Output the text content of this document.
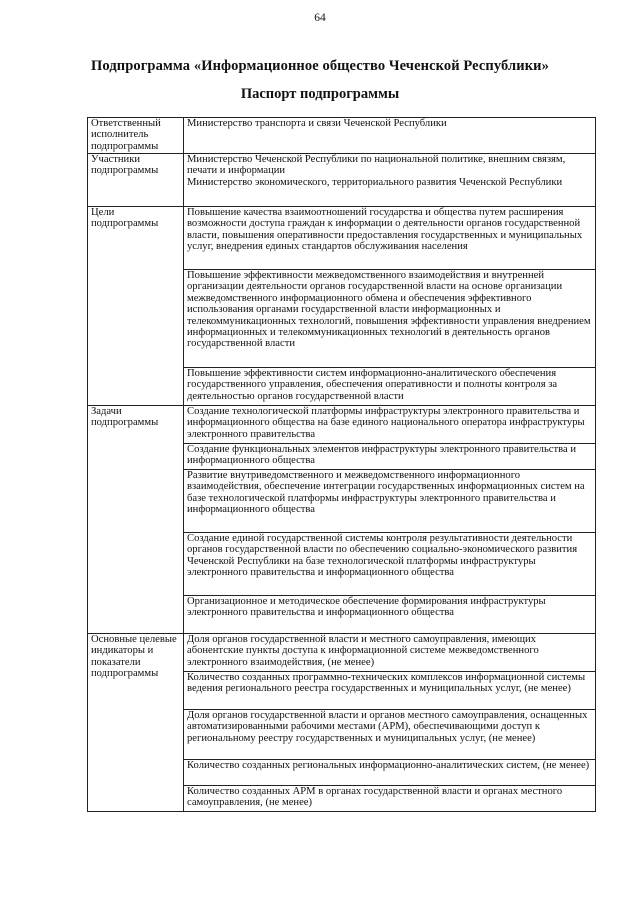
64
Подпрограмма «Информационное общество Чеченской Республики»
Паспорт подпрограммы
Ответственный исполнитель подпрограммы	Министерство транспорта и связи Чеченской Республики

Участники подпрограммы	Министерство Чеченской Республики по национальной политике, внешним связям, печати и информации
Министерство экономического, территориального развития Чеченской Республики

Цели подпрограммы	Повышение качества взаимоотношений государства и общества путем расширения возможности доступа граждан к информации о деятельности органов государственной власти, повышения оперативности предоставления государственных и муниципальных услуг, внедрения единых стандартов обслуживания населения
	Повышение эффективности межведомственного взаимодействия и внутренней организации деятельности органов государственной власти на основе организации межведомственного информационного обмена и обеспечения эффективного использования органами государственной власти информационных и телекоммуникационных технологий, повышения эффективности управления внедрением информационных и телекоммуникационных технологий в деятельность органов государственной власти
	Повышение эффективности систем информационно-аналитического обеспечения государственного управления, обеспечения оперативности и полноты контроля за деятельностью органов государственной власти

Задачи подпрограммы	Создание технологической платформы инфраструктуры электронного правительства и информационного общества на базе единого национального оператора инфраструктуры электронного правительства
	Создание функциональных элементов инфраструктуры электронного правительства и информационного общества
	Развитие внутриведомственного и межведомственного информационного взаимодействия, обеспечение интеграции государственных информационных систем на базе технологической платформы инфраструктуры электронного правительства и информационного общества
	Создание единой государственной системы контроля результативности деятельности органов государственной власти по обеспечению социально-экономического развития Чеченской Республики на базе технологической платформы инфраструктуры электронного правительства и информационного общества
	Организационное и методическое обеспечение формирования инфраструктуры электронного правительства и информационного общества

Основные целевые индикаторы и показатели подпрограммы	Доля органов государственной власти и местного самоуправления, имеющих абонентские пункты доступа к информационной системе межведомственного электронного взаимодействия, (не менее)
	Количество созданных программно-технических комплексов информационной системы ведения регионального реестра государственных и муниципальных услуг, (не менее)
	Доля органов государственной власти и органов местного самоуправления, оснащенных автоматизированными рабочими местами (АРМ), обеспечивающими доступ к региональному реестру государственных и муниципальных услуг, (не менее)
	Количество созданных региональных информационно-аналитических систем, (не менее)
	Количество созданных АРМ в органах государственной власти и органах местного самоуправления, (не менее)
